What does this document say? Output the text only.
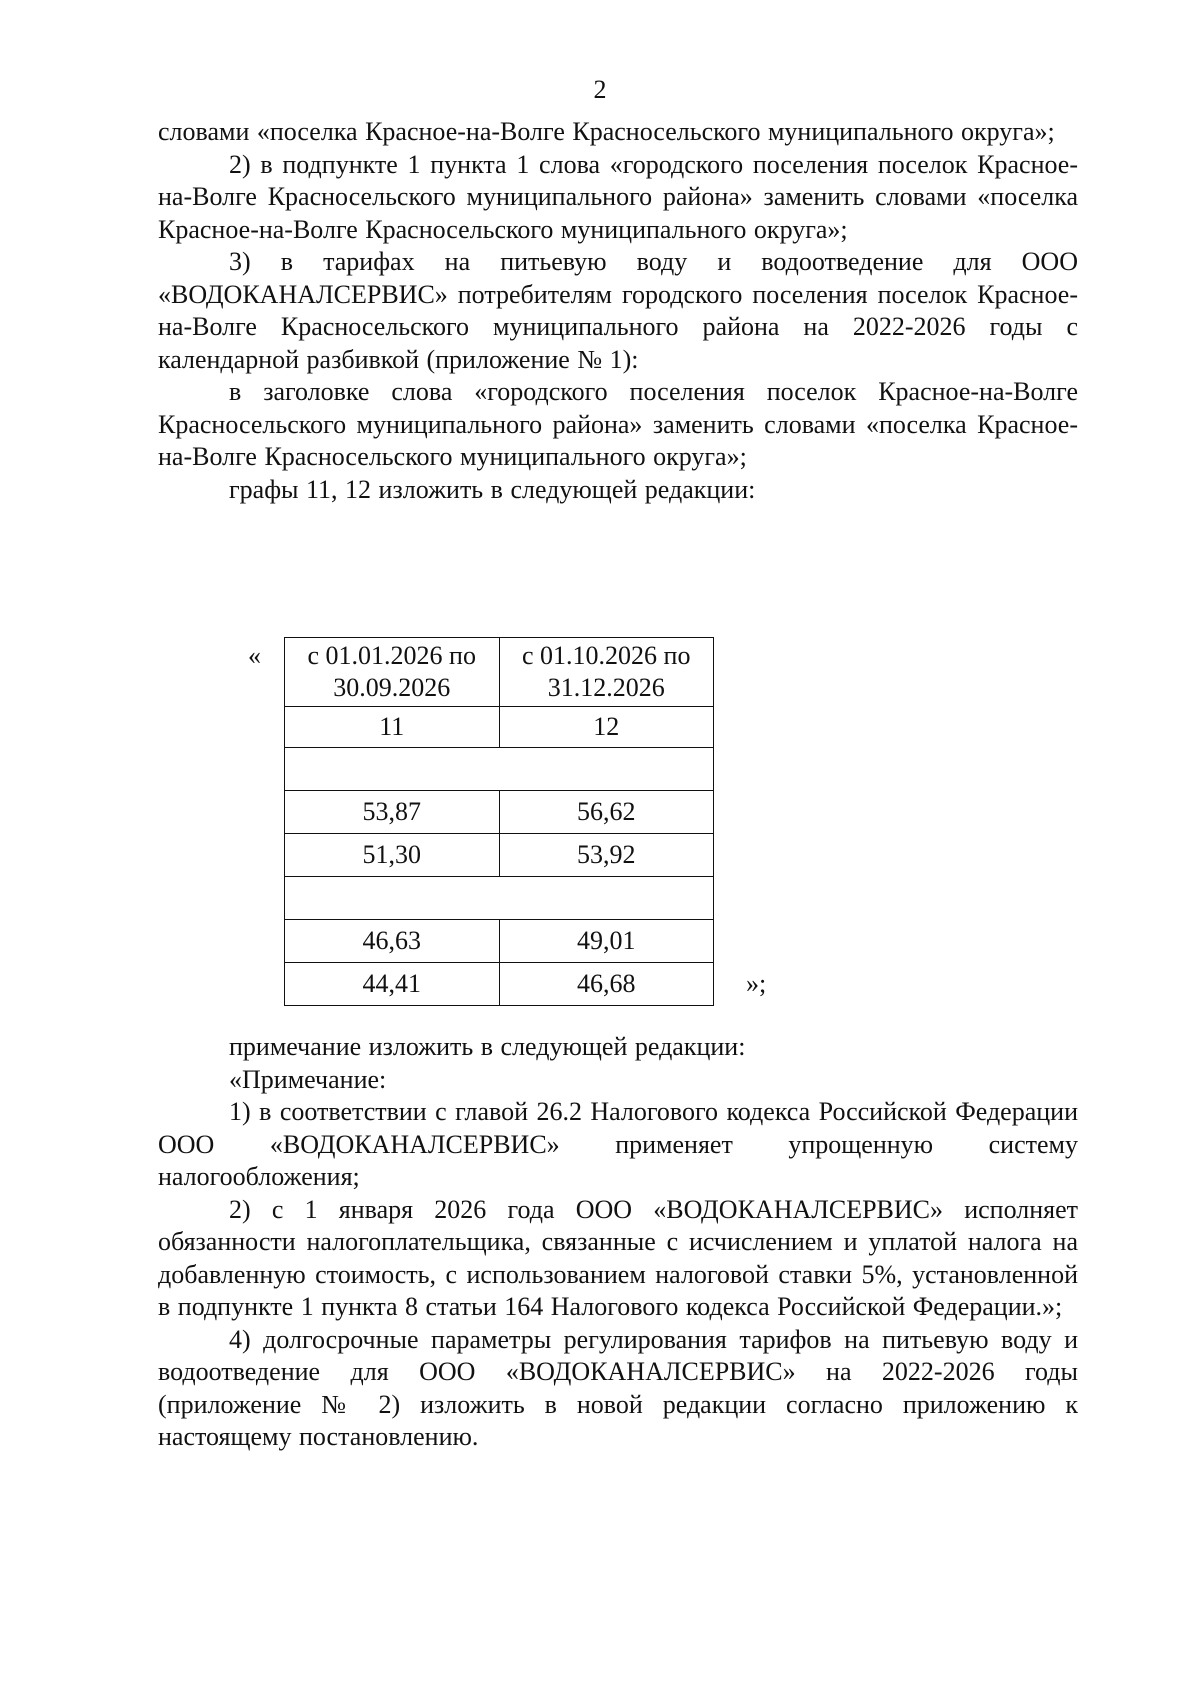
2

словами «поселка Красное-на-Волге Красносельского муниципального округа»;

2) в подпункте 1 пункта 1 слова «городского поселения поселок Красное-на-Волге Красносельского муниципального района» заменить словами «поселка Красное-на-Волге Красносельского муниципального округа»;

3) в тарифах на питьевую воду и водоотведение для ООО «ВОДОКАНАЛСЕРВИС» потребителям городского поселения поселок Красное-на-Волге Красносельского муниципального района на 2022-2026 годы с календарной разбивкой (приложение № 1):

в заголовке слова «городского поселения поселок Красное-на-Волге Красносельского муниципального района» заменить словами «поселка Красное-на-Волге Красносельского муниципального округа»;

графы 11, 12 изложить в следующей редакции:

« с 01.01.2026 по 30.09.2026	с 01.10.2026 по 31.12.2026
11	12

53,87	56,62
51,30	53,92

46,63	49,01
44,41	46,68	»;

примечание изложить в следующей редакции:

«Примечание:

1) в соответствии с главой 26.2 Налогового кодекса Российской Федерации ООО «ВОДОКАНАЛСЕРВИС» применяет упрощенную систему налогообложения;

2) с 1 января 2026 года ООО «ВОДОКАНАЛСЕРВИС» исполняет обязанности налогоплательщика, связанные с исчислением и уплатой налога на добавленную стоимость, с использованием налоговой ставки 5%, установленной в подпункте 1 пункта 8 статьи 164 Налогового кодекса Российской Федерации.»;

4) долгосрочные параметры регулирования тарифов на питьевую воду и водоотведение для ООО «ВОДОКАНАЛСЕРВИС» на 2022-2026 годы (приложение № 2) изложить в новой редакции согласно приложению к настоящему постановлению.
